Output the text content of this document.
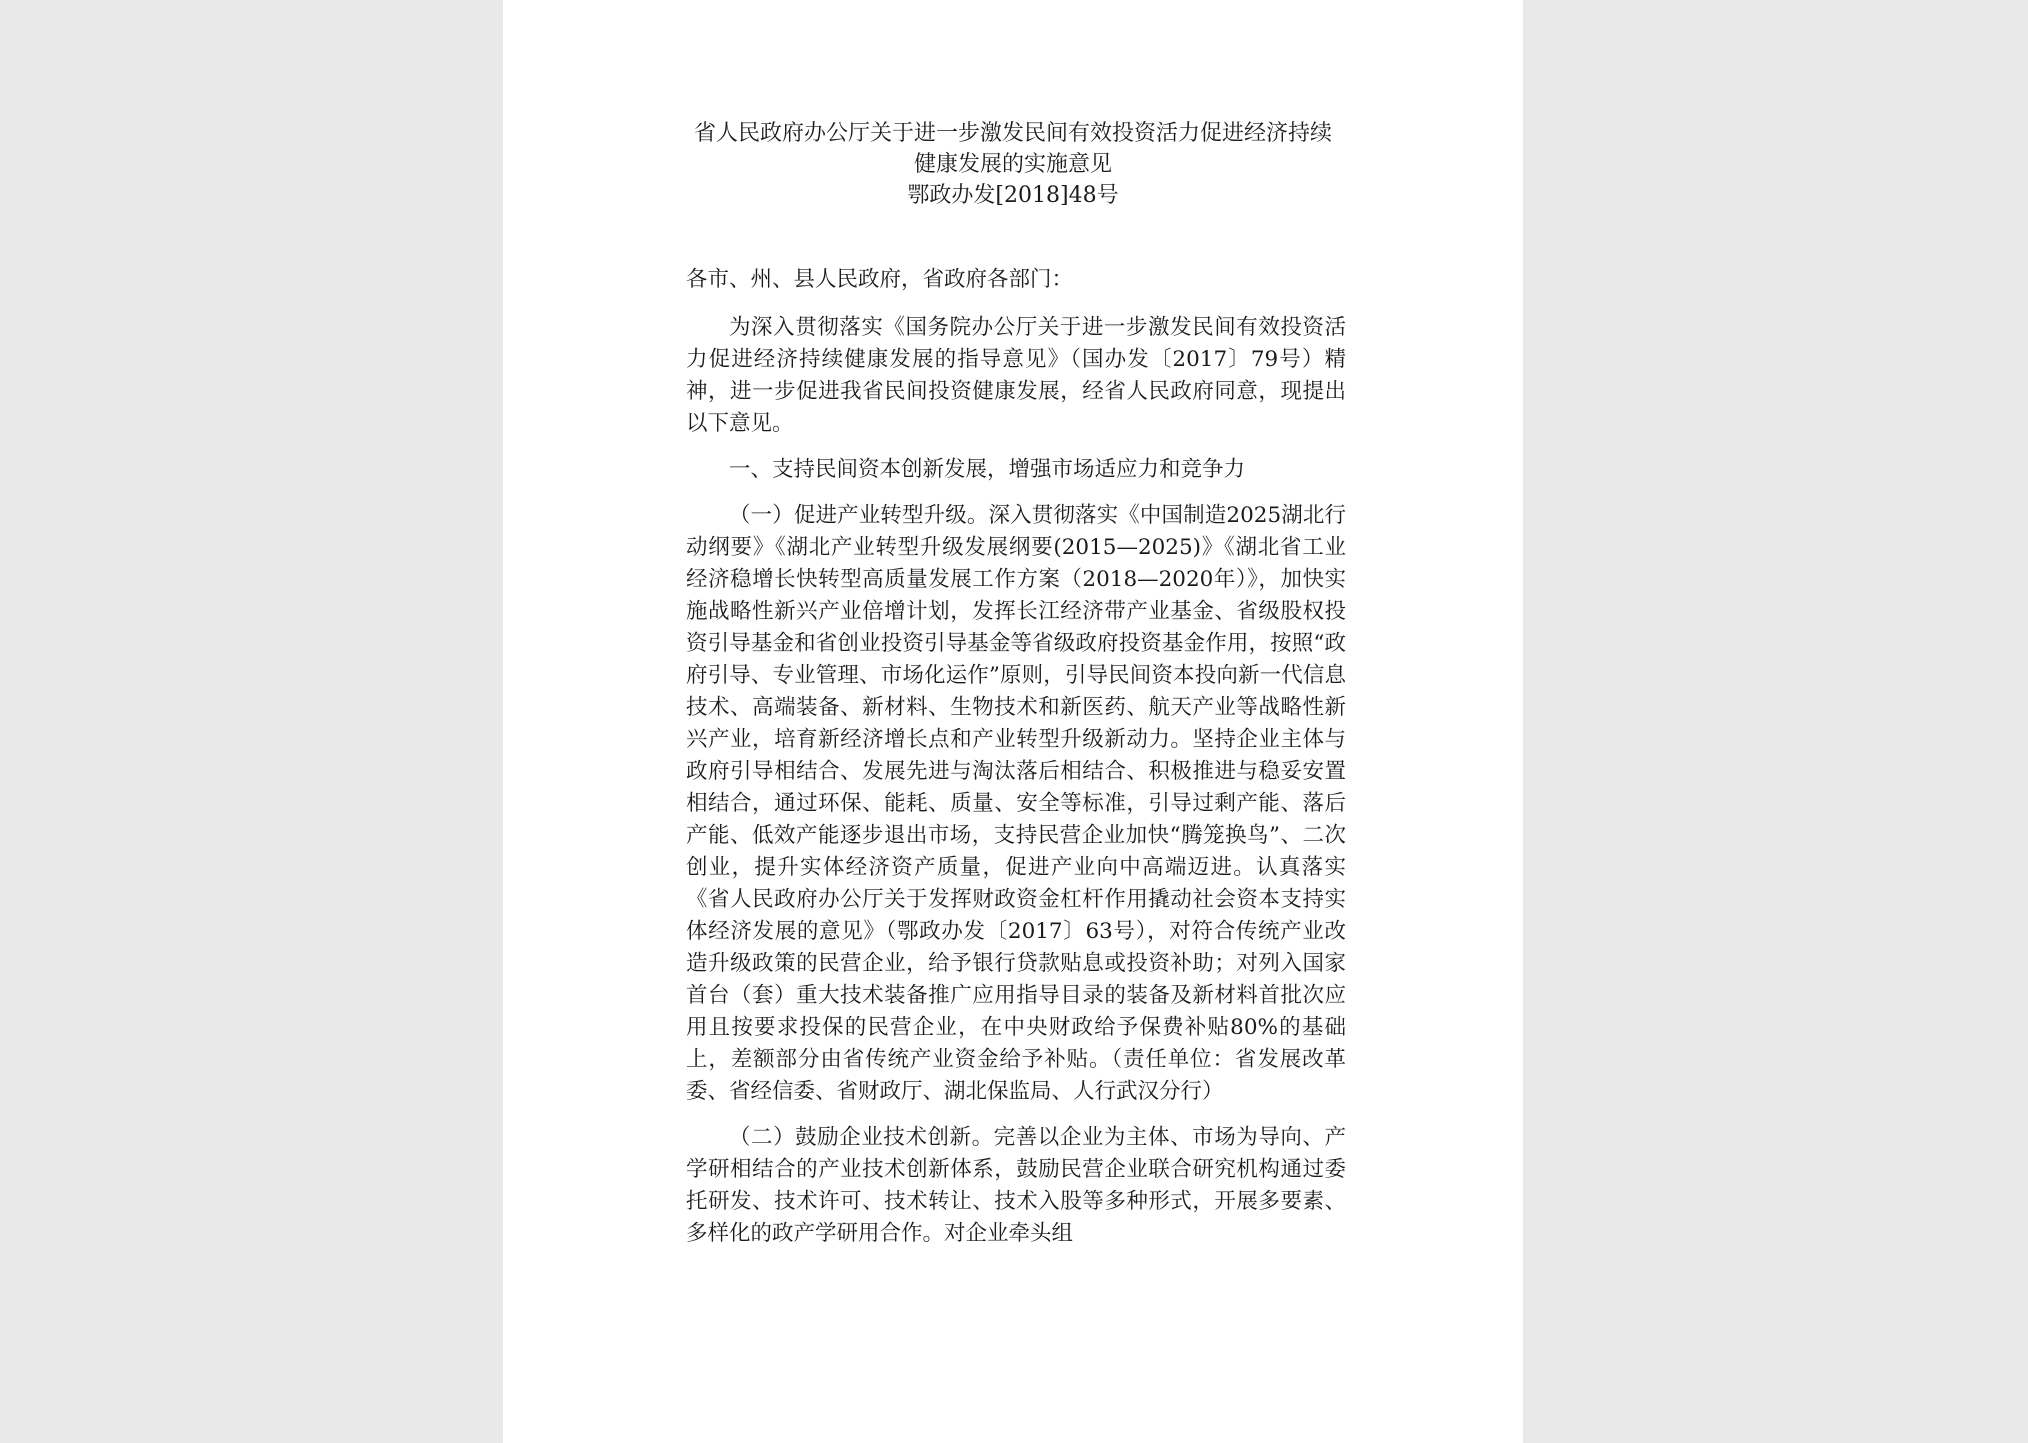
省人民政府办公厅关于进一步激发民间有效投资活力促进经济持续
健康发展的实施意见
鄂政办发[2018]48号

各市、州、县人民政府，省政府各部门：

为深入贯彻落实《国务院办公厅关于进一步激发民间有效投资活力促进经济持续健康发展的指导意见》（国办发〔2017〕79号）精神，进一步促进我省民间投资健康发展，经省人民政府同意，现提出以下意见。

一、支持民间资本创新发展，增强市场适应力和竞争力

（一）促进产业转型升级。深入贯彻落实《中国制造2025湖北行动纲要》《湖北产业转型升级发展纲要(2015—2025)》《湖北省工业经济稳增长快转型高质量发展工作方案（2018—2020年）》，加快实施战略性新兴产业倍增计划，发挥长江经济带产业基金、省级股权投资引导基金和省创业投资引导基金等省级政府投资基金作用，按照“政府引导、专业管理、市场化运作”原则，引导民间资本投向新一代信息技术、高端装备、新材料、生物技术和新医药、航天产业等战略性新兴产业，培育新经济增长点和产业转型升级新动力。坚持企业主体与政府引导相结合、发展先进与淘汰落后相结合、积极推进与稳妥安置相结合，通过环保、能耗、质量、安全等标准，引导过剩产能、落后产能、低效产能逐步退出市场，支持民营企业加快“腾笼换鸟”、二次创业，提升实体经济资产质量，促进产业向中高端迈进。认真落实《省人民政府办公厅关于发挥财政资金杠杆作用撬动社会资本支持实体经济发展的意见》（鄂政办发〔2017〕63号），对符合传统产业改造升级政策的民营企业，给予银行贷款贴息或投资补助；对列入国家首台（套）重大技术装备推广应用指导目录的装备及新材料首批次应用且按要求投保的民营企业，在中央财政给予保费补贴80%的基础上，差额部分由省传统产业资金给予补贴。（责任单位：省发展改革委、省经信委、省财政厅、湖北保监局、人行武汉分行）

（二）鼓励企业技术创新。完善以企业为主体、市场为导向、产学研相结合的产业技术创新体系，鼓励民营企业联合研究机构通过委托研发、技术许可、技术转让、技术入股等多种形式，开展多要素、多样化的政产学研用合作。对企业牵头组
